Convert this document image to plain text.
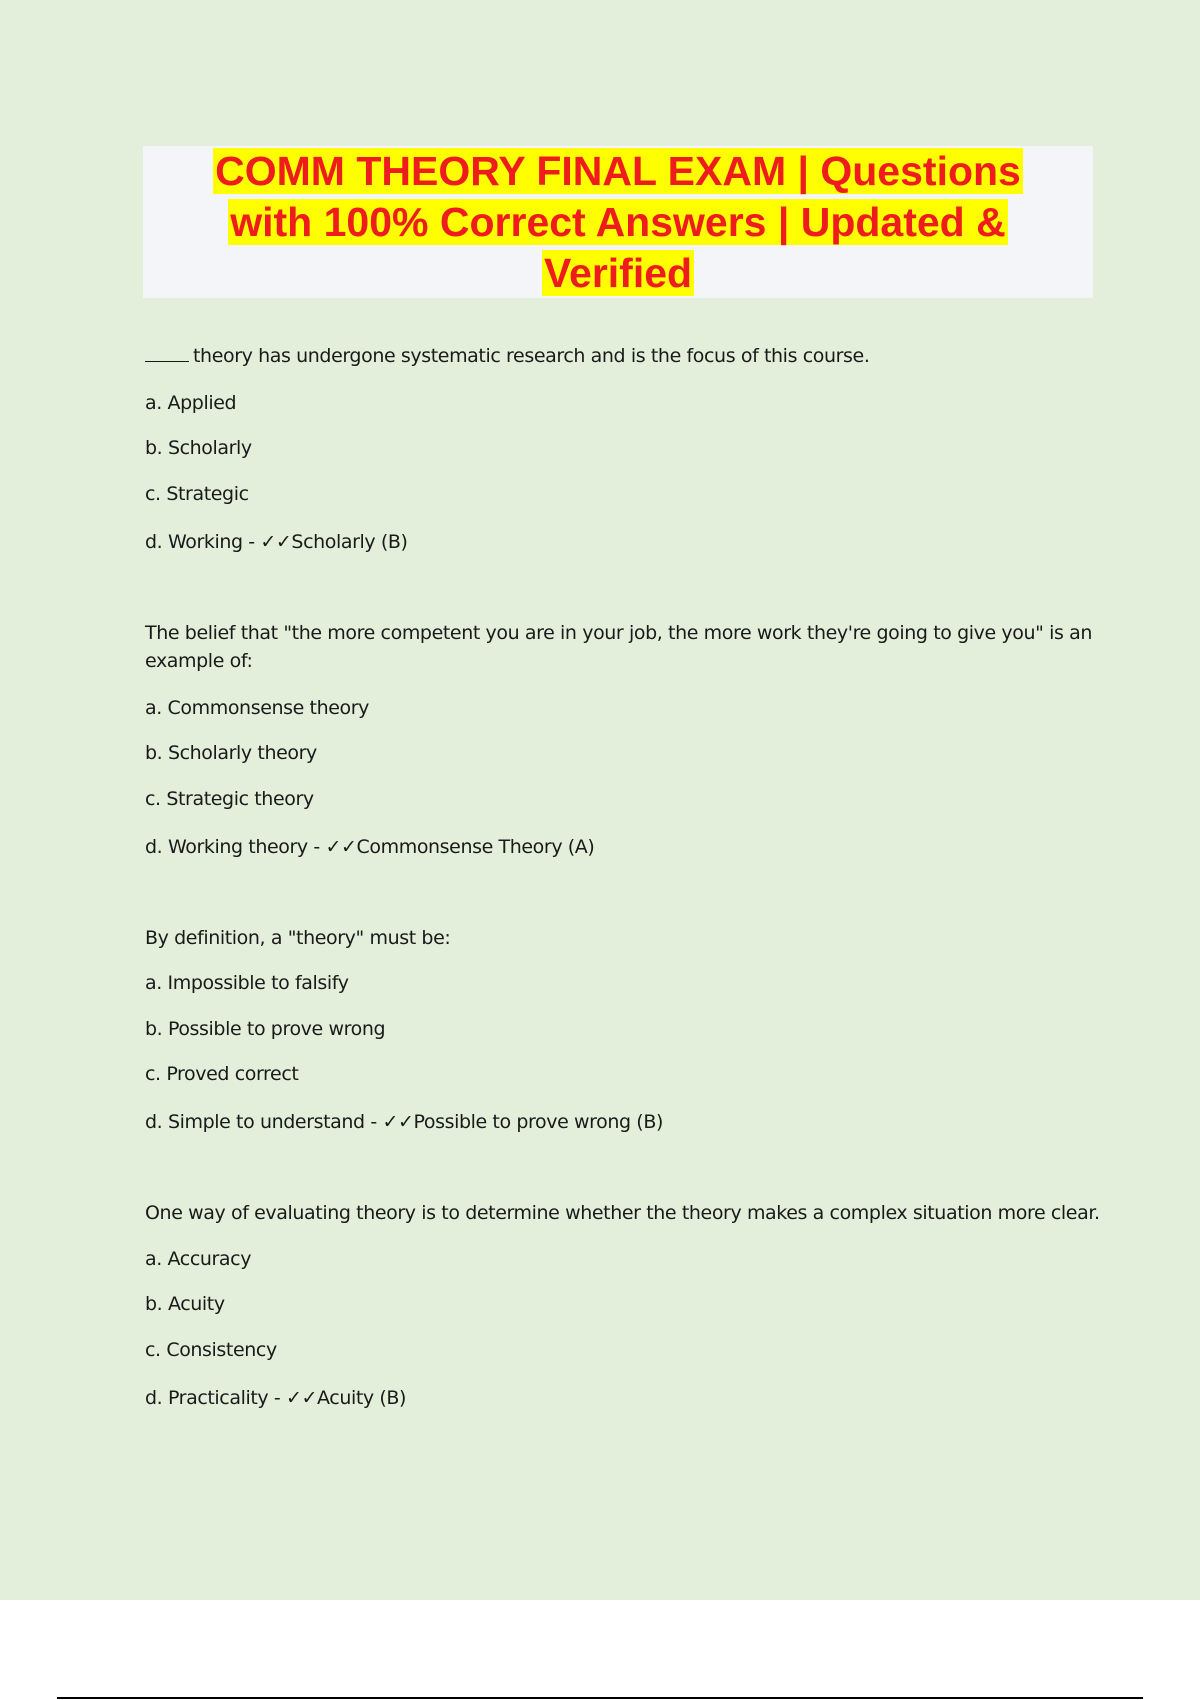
COMM THEORY FINAL EXAM | Questions
with 100% Correct Answers | Updated &
Verified
theory has undergone systematic research and is the focus of this course.
a. Applied
b. Scholarly
c. Strategic
d. Working - ✓✓Scholarly (B)
The belief that "the more competent you are in your job, the more work they're going to give you" is an example of:
a. Commonsense theory
b. Scholarly theory
c. Strategic theory
d. Working theory - ✓✓Commonsense Theory (A)
By definition, a "theory" must be:
a. Impossible to falsify
b. Possible to prove wrong
c. Proved correct
d. Simple to understand - ✓✓Possible to prove wrong (B)
One way of evaluating theory is to determine whether the theory makes a complex situation more clear.
a. Accuracy
b. Acuity
c. Consistency
d. Practicality - ✓✓Acuity (B)
